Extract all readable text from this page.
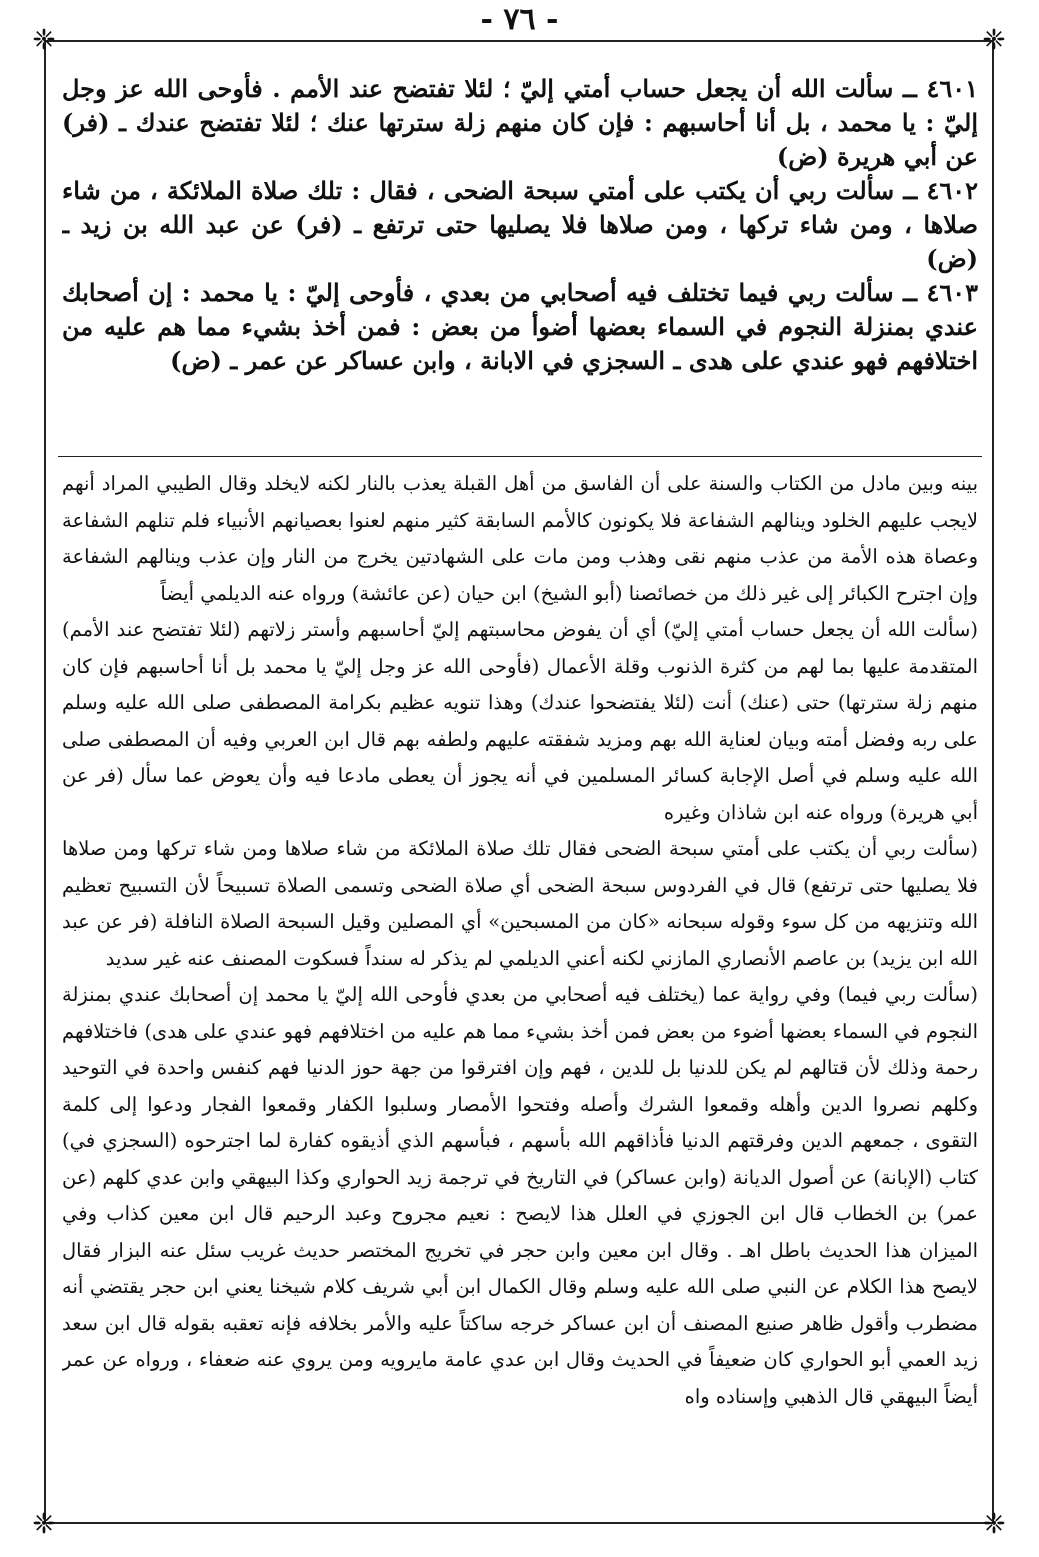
- ٧٦ -
❈	❈
❈	❈

٤٦٠١ ــ سألت الله أن يجعل حساب أمتي إليّ ؛ لئلا تفتضح عند الأمم . فأوحى الله عز وجل إليّ : يا محمد ، بل أنا أحاسبهم : فإن كان منهم زلة سترتها عنك ؛ لئلا تفتضح عندك ـ (فر) عن أبي هريرة (ض)

٤٦٠٢ ــ سألت ربي أن يكتب على أمتي سبحة الضحى ، فقال : تلك صلاة الملائكة ، من شاء صلاها ، ومن شاء تركها ، ومن صلاها فلا يصليها حتى ترتفع ـ (فر) عن عبد الله بن زيد ـ (ض)

٤٦٠٣ ــ سألت ربي فيما تختلف فيه أصحابي من بعدي ، فأوحى إليّ : يا محمد : إن أصحابك عندي بمنزلة النجوم في السماء بعضها أضوأ من بعض : فمن أخذ بشيء مما هم عليه من اختلافهم فهو عندي على هدى ـ السجزي في الابانة ، وابن عساكر عن عمر ـ (ض)

بينه وبين مادل من الكتاب والسنة على أن الفاسق من أهل القبلة يعذب بالنار لكنه لايخلد وقال الطيبي المراد أنهم لايجب عليهم الخلود وينالهم الشفاعة فلا يكونون كالأمم السابقة كثير منهم لعنوا بعصيانهم الأنبياء فلم تنلهم الشفاعة وعصاة هذه الأمة من عذب منهم نقى وهذب ومن مات على الشهادتين يخرج من النار وإن عذب وينالهم الشفاعة وإن اجترح الكبائر إلى غير ذلك من خصائصنا (أبو الشيخ) ابن حيان (عن عائشة) ورواه عنه الديلمي أيضاً

(سألت الله أن يجعل حساب أمتي إليّ) أي أن يفوض محاسبتهم إليّ أحاسبهم وأستر زلاتهم (لئلا تفتضح عند الأمم) المتقدمة عليها بما لهم من كثرة الذنوب وقلة الأعمال (فأوحى الله عز وجل إليّ يا محمد بل أنا أحاسبهم فإن كان منهم زلة سترتها) حتى (عنك) أنت (لئلا يفتضحوا عندك) وهذا تنويه عظيم بكرامة المصطفى صلى الله عليه وسلم على ربه وفضل أمته وبيان لعناية الله بهم ومزيد شفقته عليهم ولطفه بهم قال ابن العربي وفيه أن المصطفى صلى الله عليه وسلم في أصل الإجابة كسائر المسلمين في أنه يجوز أن يعطى مادعا فيه وأن يعوض عما سأل (فر عن أبي هريرة) ورواه عنه ابن شاذان وغيره

(سألت ربي أن يكتب على أمتي سبحة الضحى فقال تلك صلاة الملائكة من شاء صلاها ومن شاء تركها ومن صلاها فلا يصليها حتى ترتفع) قال في الفردوس سبحة الضحى أي صلاة الضحى وتسمى الصلاة تسبيحاً لأن التسبيح تعظيم الله وتنزيهه من كل سوء وقوله سبحانه «كان من المسبحين» أي المصلين وقيل السبحة الصلاة النافلة (فر عن عبد الله ابن يزيد) بن عاصم الأنصاري المازني لكنه أعني الديلمي لم يذكر له سنداً فسكوت المصنف عنه غير سديد

(سألت ربي فيما) وفي رواية عما (يختلف فيه أصحابي من بعدي فأوحى الله إليّ يا محمد إن أصحابك عندي بمنزلة النجوم في السماء بعضها أضوء من بعض فمن أخذ بشيء مما هم عليه من اختلافهم فهو عندي على هدى) فاختلافهم رحمة وذلك لأن قتالهم لم يكن للدنيا بل للدين ، فهم وإن افترقوا من جهة حوز الدنيا فهم كنفس واحدة في التوحيد وكلهم نصروا الدين وأهله وقمعوا الشرك وأصله وفتحوا الأمصار وسلبوا الكفار وقمعوا الفجار ودعوا إلى كلمة التقوى ، جمعهم الدين وفرقتهم الدنيا فأذاقهم الله بأسهم ، فبأسهم الذي أذيقوه كفارة لما اجترحوه (السجزي في) كتاب (الإبانة) عن أصول الديانة (وابن عساكر) في التاريخ في ترجمة زيد الحواري وكذا البيهقي وابن عدي كلهم (عن عمر) بن الخطاب قال ابن الجوزي في العلل هذا لايصح : نعيم مجروح وعبد الرحيم قال ابن معين كذاب وفي الميزان هذا الحديث باطل اهـ . وقال ابن معين وابن حجر في تخريج المختصر حديث غريب سئل عنه البزار فقال لايصح هذا الكلام عن النبي صلى الله عليه وسلم وقال الكمال ابن أبي شريف كلام شيخنا يعني ابن حجر يقتضي أنه مضطرب وأقول ظاهر صنيع المصنف أن ابن عساكر خرجه ساكتاً عليه والأمر بخلافه فإنه تعقبه بقوله قال ابن سعد زيد العمي أبو الحواري كان ضعيفاً في الحديث وقال ابن عدي عامة مايرويه ومن يروي عنه ضعفاء ، ورواه عن عمر أيضاً البيهقي قال الذهبي وإسناده واه
